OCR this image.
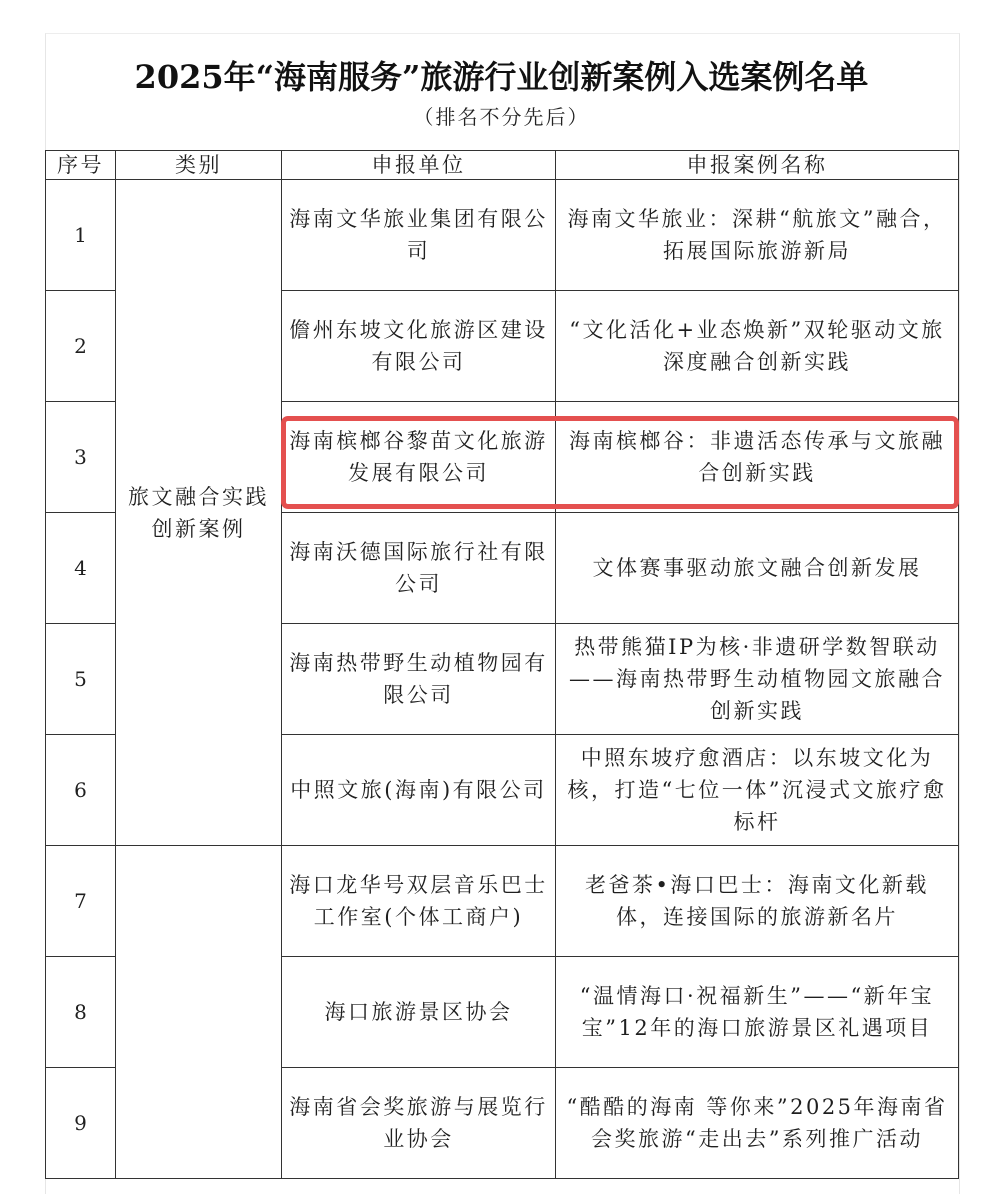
2025年“海南服务”旅游行业创新案例入选案例名单
（排名不分先后）
序号	类别	申报单位	申报案例名称
1	旅文融合实践创新案例	海南文华旅业集团有限公司	海南文华旅业：深耕“航旅文”融合，拓展国际旅游新局
2		儋州东坡文化旅游区建设有限公司	“文化活化+业态焕新”双轮驱动文旅深度融合创新实践
3		海南槟榔谷黎苗文化旅游发展有限公司	海南槟榔谷：非遗活态传承与文旅融合创新实践
4		海南沃德国际旅行社有限公司	文体赛事驱动旅文融合创新发展
5		海南热带野生动植物园有限公司	热带熊猫IP为核·非遗研学数智联动——海南热带野生动植物园文旅融合创新实践
6		中照文旅(海南)有限公司	中照东坡疗愈酒店：以东坡文化为核，打造“七位一体”沉浸式文旅疗愈标杆
7		海口龙华号双层音乐巴士工作室(个体工商户)	老爸茶•海口巴士：海南文化新载体，连接国际的旅游新名片
8		海口旅游景区协会	“温情海口·祝福新生”——“新年宝宝”12年的海口旅游景区礼遇项目
9		海南省会奖旅游与展览行业协会	“酷酷的海南 等你来”2025年海南省会奖旅游“走出去”系列推广活动
